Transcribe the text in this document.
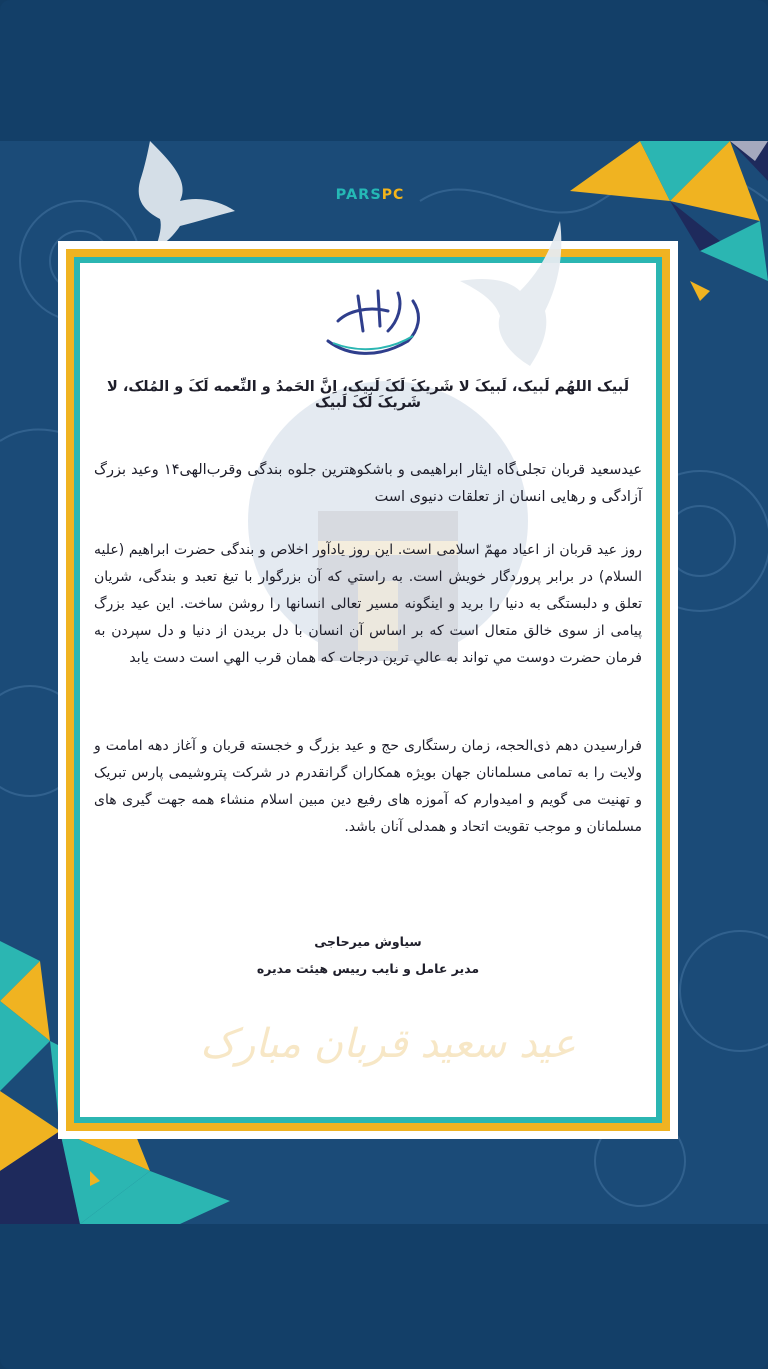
PARS PC
لَبیک اللهُم لَبیک، لَبیکَ لا شَریکَ لَکَ لَبیک، اِنَّ الحَمدُ و النِّعمه لَکَ و المُلک، لا شَریکَ لَکَ لَبیک
عیدسعید قربان تجلی‌گاه ایثار ابراهیمی و باشکوهترین جلوه بندگی وقرب‌الهی۱۴ وعید بزرگ آزادگی و رهایی انسان از تعلقات دنیوی است
روز عید قربان از اعیاد مهمّ اسلامی است. این روز یادآور اخلاص و بندگی حضرت ابراهیم (علیه السلام) در برابر پروردگار خویش است. به راستي كه آن بزرگوار با تیغ تعبد و بندگی، شریان تعلق و دلبستگی به دنیا را برید و اینگونه مسیر تعالی انسانها را روشن ساخت. این عید بزرگ پیامی از سوی خالق متعال است که بر اساس آن انسان با دل بریدن از دنیا و دل سپردن به فرمان حضرت دوست مي تواند به عالي ترين درجات كه همان قرب الهي است دست يابد
فرارسیدن دهم ذی‌الحجه، زمان رستگاری حج و عید بزرگ و خجسته قربان و آغاز دهه امامت و ولایت را به تمامی مسلمانان جهان بویژه همکاران گرانقدرم در شرکت پتروشیمی پارس تبریک و تهنیت می گویم و امیدوارم که آموزه های رفیع دین مبین اسلام منشاء همه جهت گیری های مسلمانان و موجب تقویت اتحاد و همدلی آنان باشد.
سیاوش میرحاجی
مدیر عامل و نایب رییس هیئت مدیره
عید سعید قربان مبارک
